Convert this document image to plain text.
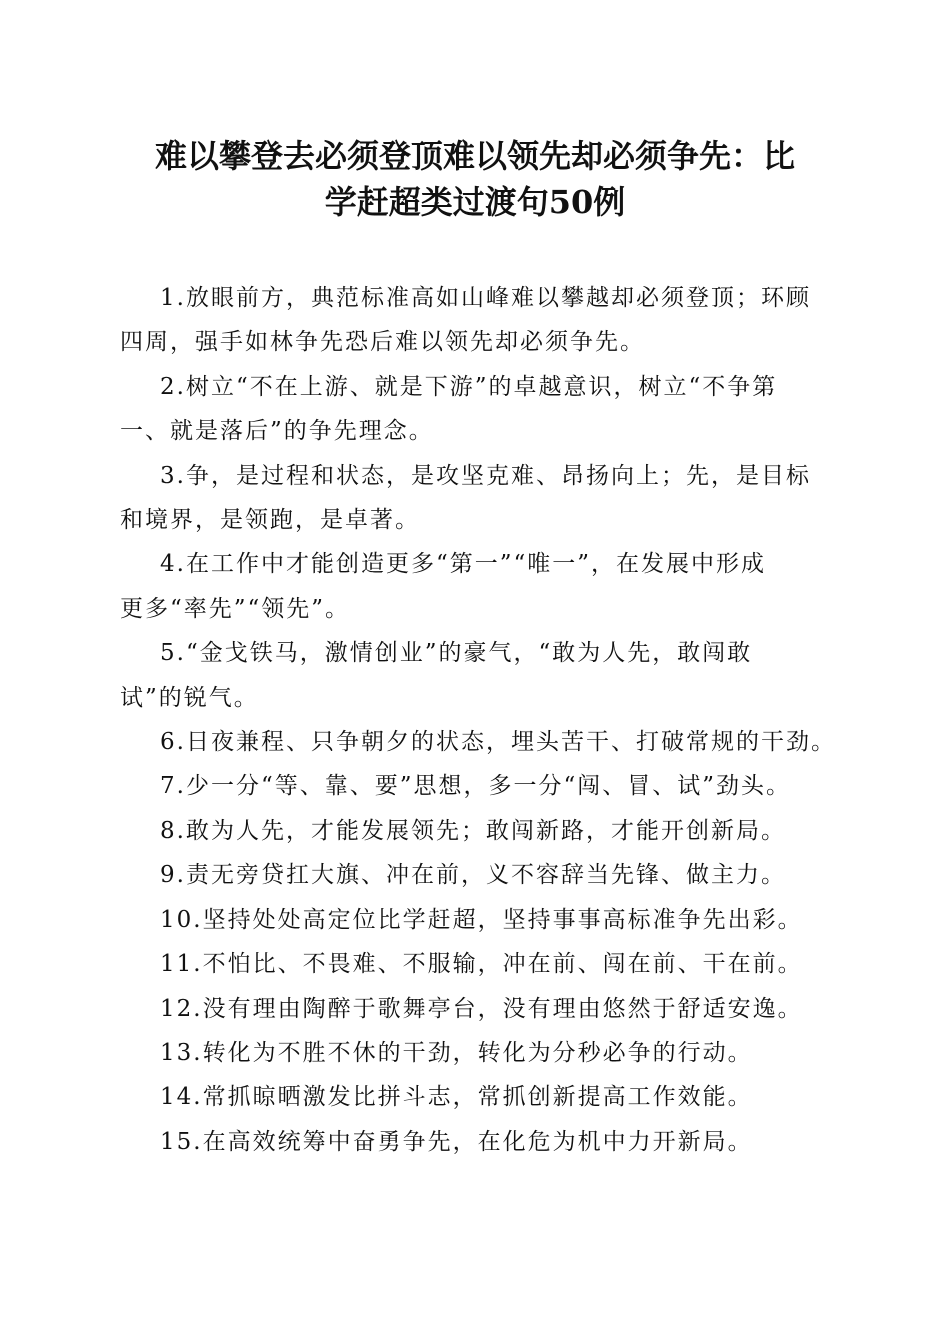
难以攀登去必须登顶难以领先却必须争先：比
学赶超类过渡句50例

1.放眼前方，典范标准高如山峰难以攀越却必须登顶；环顾
四周，强手如林争先恐后难以领先却必须争先。

2.树立“不在上游、就是下游”的卓越意识，树立“不争第
一、就是落后”的争先理念。

3.争，是过程和状态，是攻坚克难、昂扬向上；先，是目标
和境界，是领跑，是卓著。

4.在工作中才能创造更多“第一”“唯一”，在发展中形成
更多“率先”“领先”。

5.“金戈铁马，激情创业”的豪气，“敢为人先，敢闯敢
试”的锐气。

6.日夜兼程、只争朝夕的状态，埋头苦干、打破常规的干劲。

7.少一分“等、靠、要”思想，多一分“闯、冒、试”劲头。

8.敢为人先，才能发展领先；敢闯新路，才能开创新局。

9.责无旁贷扛大旗、冲在前，义不容辞当先锋、做主力。

10.坚持处处高定位比学赶超，坚持事事高标准争先出彩。

11.不怕比、不畏难、不服输，冲在前、闯在前、干在前。

12.没有理由陶醉于歌舞亭台，没有理由悠然于舒适安逸。

13.转化为不胜不休的干劲，转化为分秒必争的行动。

14.常抓晾晒激发比拼斗志，常抓创新提高工作效能。

15.在高效统筹中奋勇争先，在化危为机中力开新局。
